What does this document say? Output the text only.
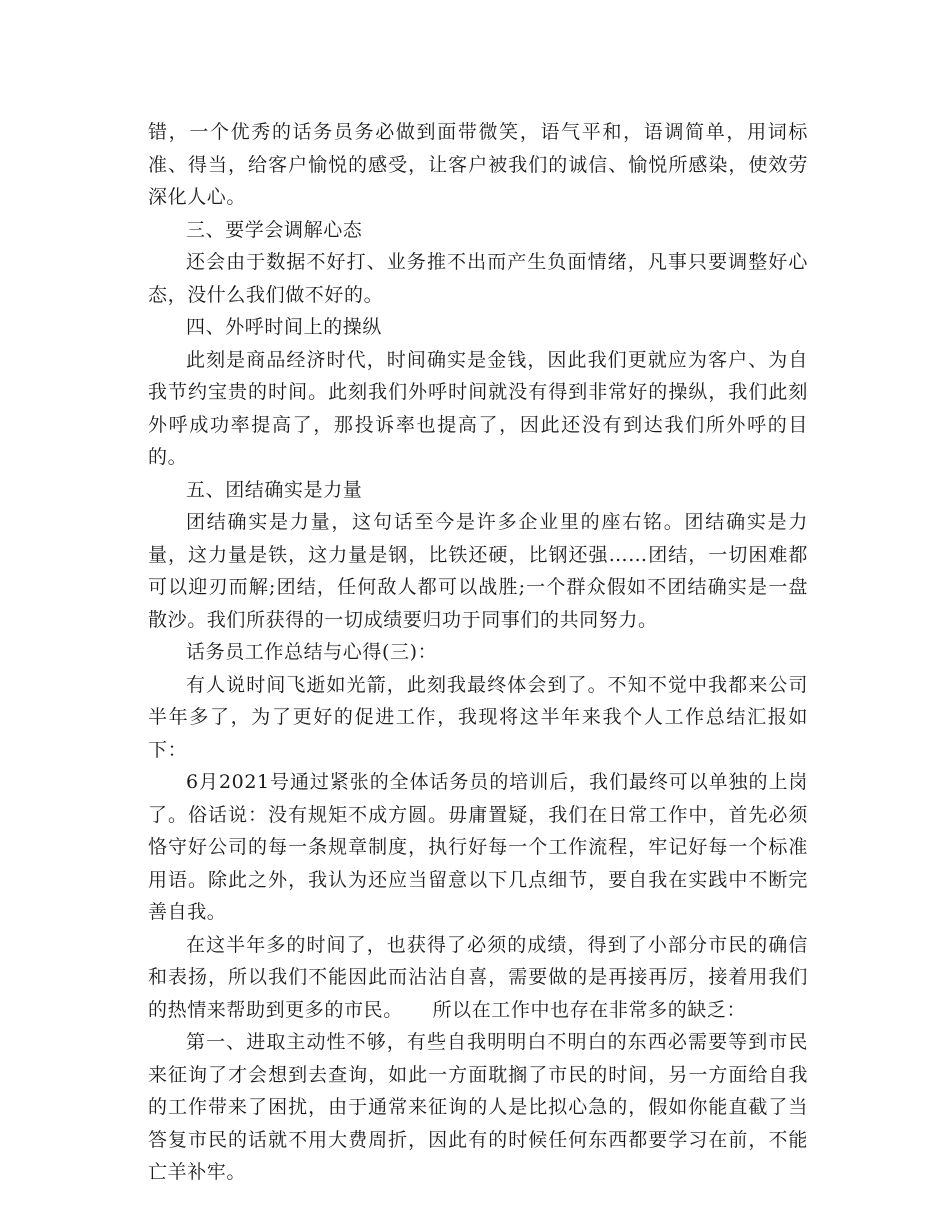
错，一个优秀的话务员务必做到面带微笑，语气平和，语调简单，用词标准、得当，给客户愉悦的感受，让客户被我们的诚信、愉悦所感染，使效劳深化人心。

三、要学会调解心态

还会由于数据不好打、业务推不出而产生负面情绪，凡事只要调整好心态，没什么我们做不好的。

四、外呼时间上的操纵

此刻是商品经济时代，时间确实是金钱，因此我们更就应为客户、为自我节约宝贵的时间。此刻我们外呼时间就没有得到非常好的操纵，我们此刻外呼成功率提高了，那投诉率也提高了，因此还没有到达我们所外呼的目的。

五、团结确实是力量

团结确实是力量，这句话至今是许多企业里的座右铭。团结确实是力量，这力量是铁，这力量是钢，比铁还硬，比钢还强……团结，一切困难都可以迎刃而解;团结，任何敌人都可以战胜;一个群众假如不团结确实是一盘散沙。我们所获得的一切成绩要归功于同事们的共同努力。

话务员工作总结与心得(三)：

有人说时间飞逝如光箭，此刻我最终体会到了。不知不觉中我都来公司半年多了，为了更好的促进工作，我现将这半年来我个人工作总结汇报如下：

6月2021号通过紧张的全体话务员的培训后，我们最终可以单独的上岗了。俗话说：没有规矩不成方圆。毋庸置疑，我们在日常工作中，首先必须恪守好公司的每一条规章制度，执行好每一个工作流程，牢记好每一个标准用语。除此之外，我认为还应当留意以下几点细节，要自我在实践中不断完善自我。

在这半年多的时间了，也获得了必须的成绩，得到了小部分市民的确信和表扬，所以我们不能因此而沾沾自喜，需要做的是再接再厉，接着用我们的热情来帮助到更多的市民。　　所以在工作中也存在非常多的缺乏：

第一、进取主动性不够，有些自我明明白不明白的东西必需要等到市民来征询了才会想到去查询，如此一方面耽搁了市民的时间，另一方面给自我的工作带来了困扰，由于通常来征询的人是比拟心急的，假如你能直截了当答复市民的话就不用大费周折，因此有的时候任何东西都要学习在前，不能亡羊补牢。
